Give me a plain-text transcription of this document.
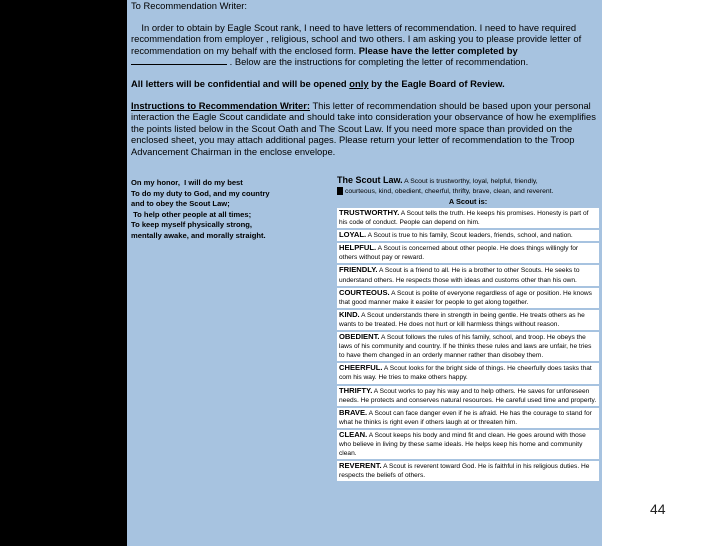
To Recommendation Writer:

In order to obtain by Eagle Scout rank, I need to have letters of recommendation. I need to have required recommendation from employer , religious, school and two others. I am asking you to please provide letter of recommendation on my behalf with the enclosed form. Please have the letter completed by   . Below are the instructions for completing the letter of recommendation.

All letters will be confidential and will be opened only by the Eagle Board of Review.

Instructions to Recommendation Writer: This letter of recommendation should be based upon your personal interaction the Eagle Scout candidate and should take into consideration your observance of how he exemplifies the points listed below in the Scout Oath and The Scout Law. If you need more space than provided on the enclosed sheet, you may attach additional pages. Please return your letter of recommendation to the Troop Advancement Chairman in the enclose envelope.

On my honor,  I will do my best
To do my duty to God, and my country
and to obey the Scout Law;
To help other people at all times;
To keep myself physically strong,
mentally awake, and morally straight.
The Scout Law. A Scout is trustworthy, loyal, helpful, friendly,
courteous, kind, obedient, cheerful, thrifty, brave, clean, and reverent.
A Scout is:
TRUSTWORTHY. A Scout tells the truth. He keeps his promises. Honesty is part of his code of conduct. People can depend on him.
LOYAL. A Scout is true to his family, Scout leaders, friends, school, and nation.
HELPFUL. A Scout is concerned about other people. He does things willingly for others without pay or reward.
FRIENDLY. A Scout is a friend to all. He is a brother to other Scouts. He seeks to understand others. He respects those with ideas and customs other than his own.
COURTEOUS. A Scout is polite of everyone regardless of age or position. He knows that good manner make it easier for people to get along together.
KIND. A Scout understands there in strength in being gentle. He treats others as he wants to be treated. He does not hurt or kill harmless things without reason.
OBEDIENT. A Scout follows the rules of his family, school, and troop. He obeys the laws of his community and country. If he thinks these rules and laws are unfair, he tries to have them changed in an orderly manner rather than disobey them.
CHEERFUL. A Scout looks for the bright side of things. He cheerfully does tasks that com his way. He tries to make others happy.
THRIFTY. A Scout works to pay his way and to help others. He saves for unforeseen needs. He protects and conserves natural resources. He careful used time and property.
BRAVE. A Scout can face danger even if he is afraid. He has the courage to stand for what he thinks is right even if others laugh at or threaten him.
CLEAN. A Scout keeps his body and mind fit and clean. He goes around with those who believe in living by these same ideals. He helps keep his home and community clean.
REVERENT. A Scout is reverent toward God. He is faithful in his religious duties. He respects the beliefs of others.
44
